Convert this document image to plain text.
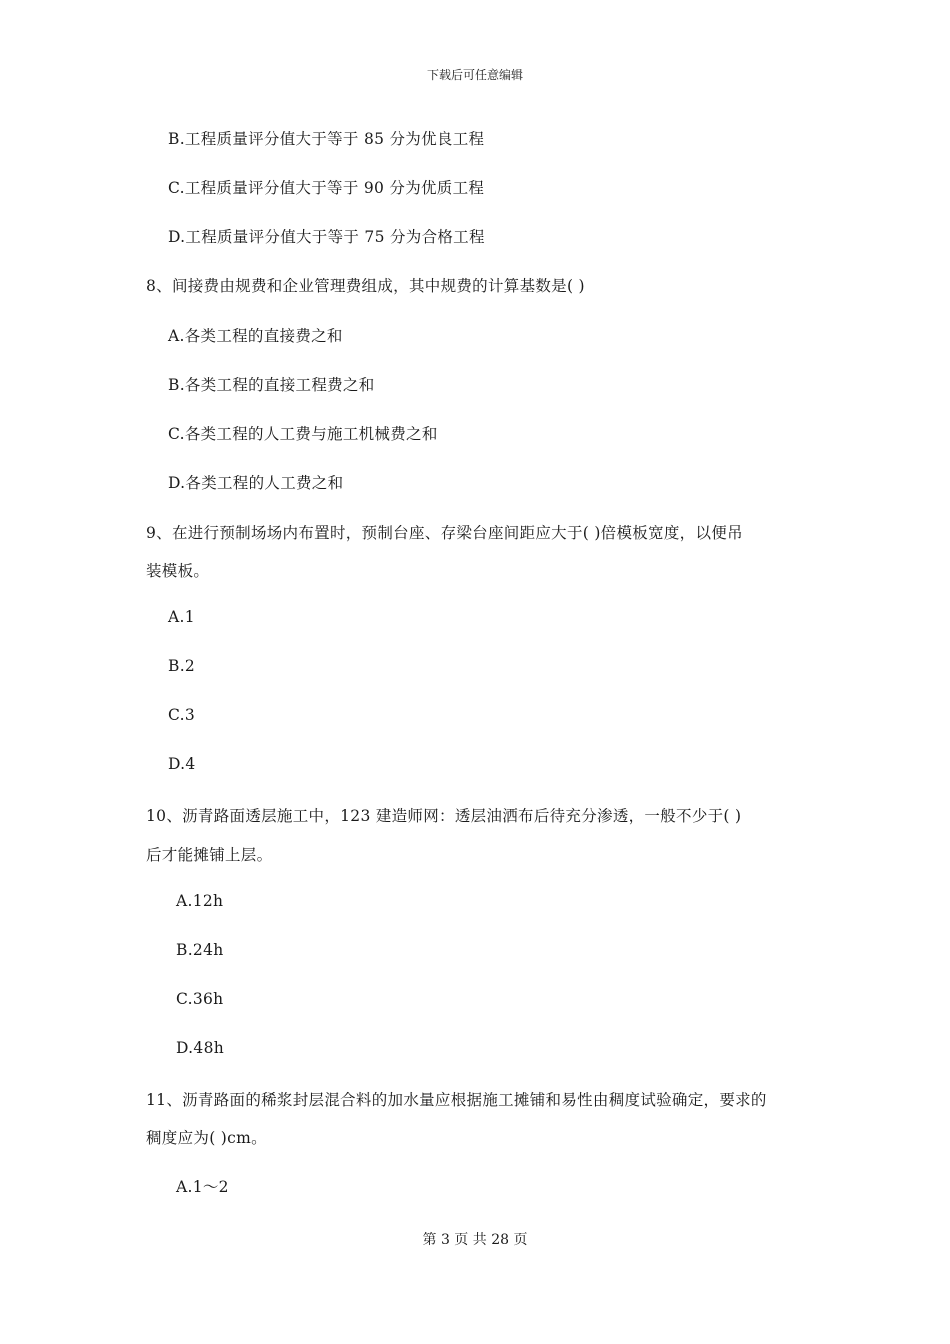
下载后可任意编辑
B.工程质量评分值大于等于 85 分为优良工程
C.工程质量评分值大于等于 90 分为优质工程
D.工程质量评分值大于等于 75 分为合格工程
8、间接费由规费和企业管理费组成，其中规费的计算基数是( )
A.各类工程的直接费之和
B.各类工程的直接工程费之和
C.各类工程的人工费与施工机械费之和
D.各类工程的人工费之和
9、在进行预制场场内布置时，预制台座、存梁台座间距应大于( )倍模板宽度，以便吊
装模板。
A.1
B.2
C.3
D.4
10、沥青路面透层施工中，123 建造师网：透层油洒布后待充分渗透，一般不少于( )
后才能摊铺上层。
A.12h
B.24h
C.36h
D.48h
11、沥青路面的稀浆封层混合料的加水量应根据施工摊铺和易性由稠度试验确定，要求的
稠度应为( )cm。
A.1～2
第 3 页 共 28 页
